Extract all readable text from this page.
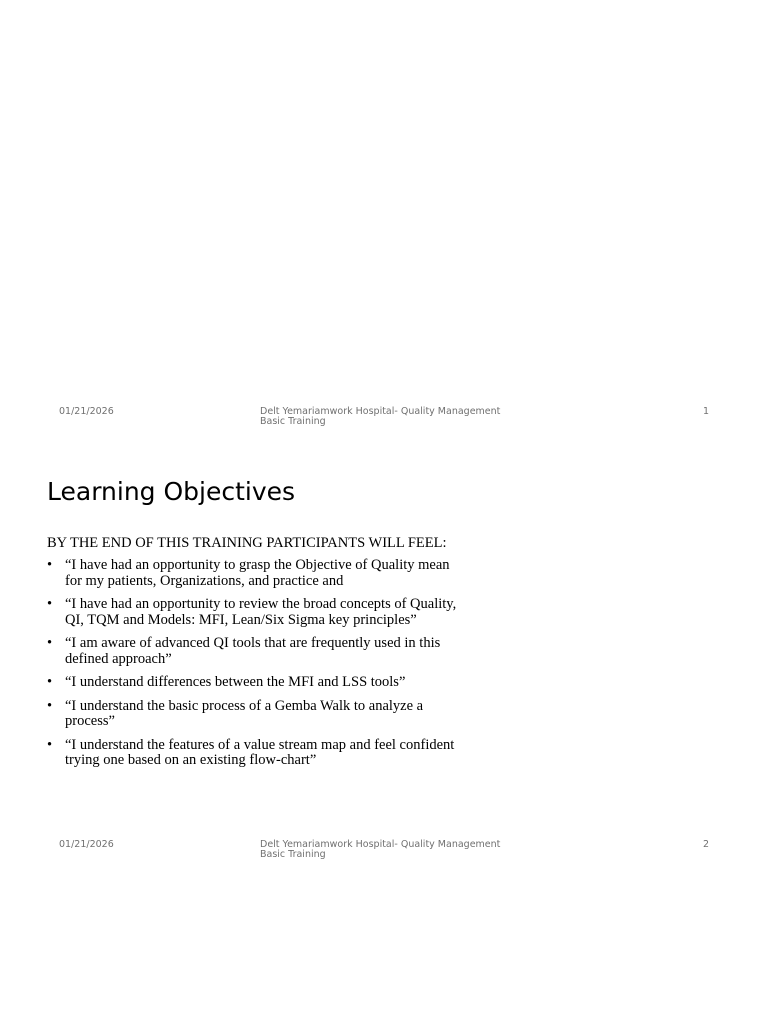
01/21/2026	Delt Yemariamwork Hospital- Quality Management
Basic Training
1
Learning Objectives

BY THE END OF THIS TRAINING PARTICIPANTS WILL FEEL:

• “I have had an opportunity to grasp the Objective of Quality mean for my patients, Organizations, and practice and
• “I have had an opportunity to review the broad concepts of Quality, QI, TQM and Models: MFI, Lean/Six Sigma key principles”
• “I am aware of advanced QI tools that are frequently used in this defined approach”
• “I understand differences between the MFI and LSS tools”
• “I understand the basic process of a Gemba Walk to analyze a process”
• “I understand the features of a value stream map and feel confident trying one based on an existing flow-chart”
01/21/2026	Delt Yemariamwork Hospital- Quality Management
Basic Training
2
